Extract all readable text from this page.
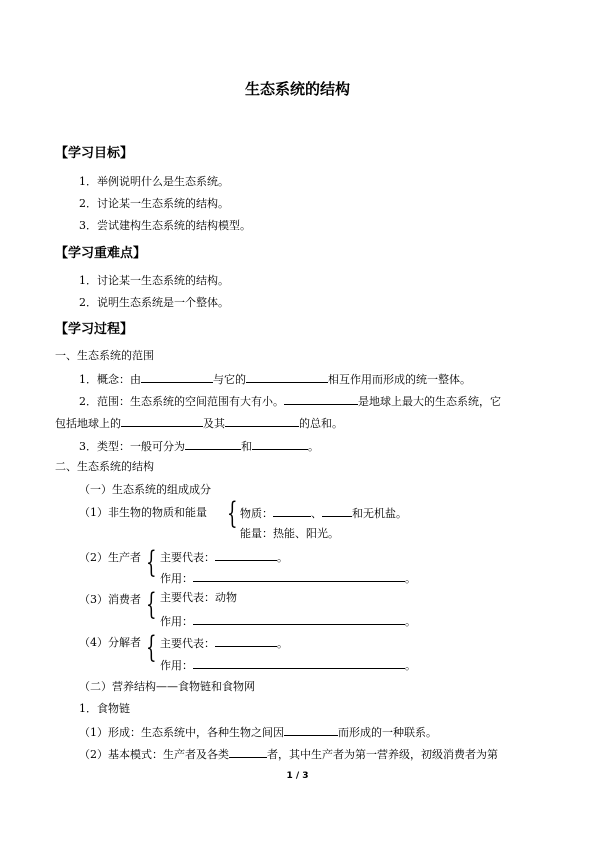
生态系统的结构
【学习目标】
1．举例说明什么是生态系统。
2．讨论某一生态系统的结构。
3．尝试建构生态系统的结构模型。
【学习重难点】
1．讨论某一生态系统的结构。
2．说明生态系统是一个整体。
【学习过程】
一、生态系统的范围
1．概念：由	与它的	相互作用而形成的统一整体。
2．范围：生态系统的空间范围有大有小。	是地球上最大的生态系统，它
包括地球上的	及其	的总和。
3．类型：一般可分为	和	。
二、生态系统的结构
（一）生态系统的组成成分
（1）非生物的物质和能量 { 物质：	、	和无机盐。
能量：热能、阳光。
（2）生产者 { 主要代表：	。
作用：	。
（3）消费者 { 主要代表：动物
作用：	。
（4）分解者 { 主要代表：	。
作用：	。
（二）营养结构——食物链和食物网
1．食物链
（1）形成：生态系统中，各种生物之间因	而形成的一种联系。
（2）基本模式：生产者及各类	者，其中生产者为第一营养级，初级消费者为第
1 / 3
